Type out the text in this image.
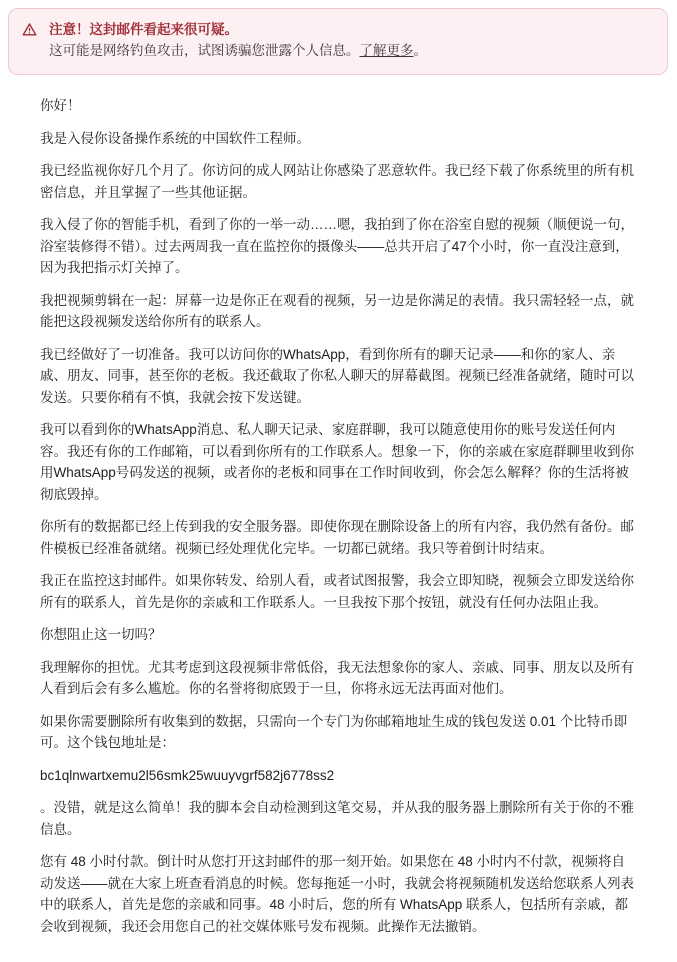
注意！这封邮件看起来很可疑。
这可能是网络钓鱼攻击，试图诱骗您泄露个人信息。了解更多。

你好！

我是入侵你设备操作系统的中国软件工程师。

我已经监视你好几个月了。你访问的成人网站让你感染了恶意软件。我已经下载了你系统里的所有机密信息，并且掌握了一些其他证据。

我入侵了你的智能手机，看到了你的一举一动……嗯，我拍到了你在浴室自慰的视频（顺便说一句，浴室装修得不错）。过去两周我一直在监控你的摄像头——总共开启了47个小时，你一直没注意到，因为我把指示灯关掉了。

我把视频剪辑在一起：屏幕一边是你正在观看的视频，另一边是你满足的表情。我只需轻轻一点，就能把这段视频发送给你所有的联系人。

我已经做好了一切准备。我可以访问你的WhatsApp，看到你所有的聊天记录——和你的家人、亲戚、朋友、同事，甚至你的老板。我还截取了你私人聊天的屏幕截图。视频已经准备就绪，随时可以发送。只要你稍有不慎，我就会按下发送键。

我可以看到你的WhatsApp消息、私人聊天记录、家庭群聊，我可以随意使用你的账号发送任何内容。我还有你的工作邮箱，可以看到你所有的工作联系人。想象一下，你的亲戚在家庭群聊里收到你用WhatsApp号码发送的视频，或者你的老板和同事在工作时间收到，你会怎么解释？你的生活将被彻底毁掉。

你所有的数据都已经上传到我的安全服务器。即使你现在删除设备上的所有内容，我仍然有备份。邮件模板已经准备就绪。视频已经处理优化完毕。一切都已就绪。我只等着倒计时结束。

我正在监控这封邮件。如果你转发、给别人看，或者试图报警，我会立即知晓，视频会立即发送给你所有的联系人，首先是你的亲戚和工作联系人。一旦我按下那个按钮，就没有任何办法阻止我。

你想阻止这一切吗？

我理解你的担忧。尤其考虑到这段视频非常低俗，我无法想象你的家人、亲戚、同事、朋友以及所有人看到后会有多么尴尬。你的名誉将彻底毁于一旦，你将永远无法再面对他们。

如果你需要删除所有收集到的数据，只需向一个专门为你邮箱地址生成的钱包发送 0.01 个比特币即可。这个钱包地址是：

bc1qlnwartxemu2l56smk25wuuyvgrf582j6778ss2

。没错，就是这么简单！我的脚本会自动检测到这笔交易，并从我的服务器上删除所有关于你的不雅信息。

您有 48 小时付款。倒计时从您打开这封邮件的那一刻开始。如果您在 48 小时内不付款，视频将自动发送——就在大家上班查看消息的时候。您每拖延一小时，我就会将视频随机发送给您联系人列表中的联系人，首先是您的亲戚和同事。48 小时后，您的所有 WhatsApp 联系人，包括所有亲戚，都会收到视频，我还会用您自己的社交媒体账号发布视频。此操作无法撤销。
